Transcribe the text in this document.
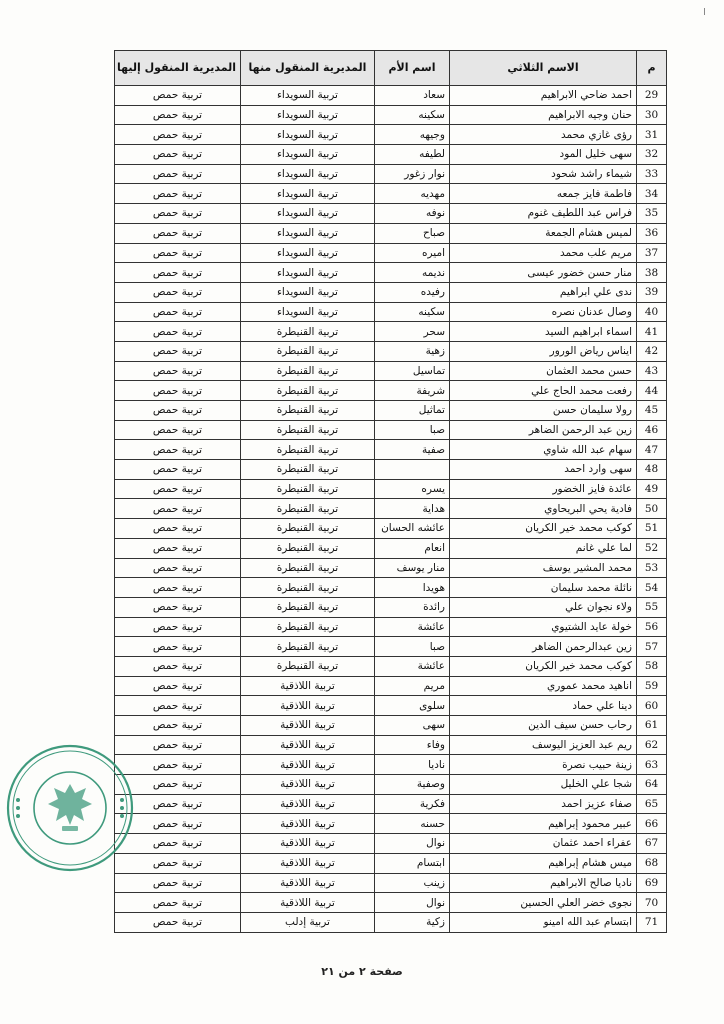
م	الاسم الثلاثي	اسم الأم	المديرية المنقول منها	المديرية المنقول إليها
29	احمد ضاحي الابراهيم	سعاد	تربية السويداء	تربية حمص
30	حنان وجيه الابراهيم	سكينه	تربية السويداء	تربية حمص
31	رؤى غازي محمد	وجيهه	تربية السويداء	تربية حمص
32	سهى خليل المود	لطيفه	تربية السويداء	تربية حمص
33	شيماء راشد شحود	نوار زغور	تربية السويداء	تربية حمص
34	فاطمة فايز جمعه	مهديه	تربية السويداء	تربية حمص
35	فراس عبد اللطيف غنوم	نوفه	تربية السويداء	تربية حمص
36	لميس هشام الجمعة	صباح	تربية السويداء	تربية حمص
37	مريم علب محمد	اميره	تربية السويداء	تربية حمص
38	منار حسن خضور عيسى	نديمه	تربية السويداء	تربية حمص
39	ندى علي ابراهيم	رفيده	تربية السويداء	تربية حمص
40	وصال عدنان نصره	سكينه	تربية السويداء	تربية حمص
41	اسماء ابراهيم السيد	سحر	تربية القنيطرة	تربية حمص
42	ايناس رياض الورور	زهية	تربية القنيطرة	تربية حمص
43	حسن محمد العثمان	تماسيل	تربية القنيطرة	تربية حمص
44	رفعت محمد الحاج علي	شريفة	تربية القنيطرة	تربية حمص
45	رولا سليمان حسن	تماثيل	تربية القنيطرة	تربية حمص
46	زين عبد الرحمن الضاهر	صبا	تربية القنيطرة	تربية حمص
47	سهام عبد الله شاوي	صفية	تربية القنيطرة	تربية حمص
48	سهى وارد احمد		تربية القنيطرة	تربية حمص
49	عائدة فايز الخضور	يسره	تربية القنيطرة	تربية حمص
50	فادية يحي البريحاوي	هداية	تربية القنيطرة	تربية حمص
51	كوكب محمد خير الكريان	عائشه الحسان	تربية القنيطرة	تربية حمص
52	لما علي غانم	انعام	تربية القنيطرة	تربية حمص
53	محمد المشير يوسف	منار يوسف	تربية القنيطرة	تربية حمص
54	نائلة محمد سليمان	هويدا	تربية القنيطرة	تربية حمص
55	ولاء نجوان علي	رائدة	تربية القنيطرة	تربية حمص
56	خولة عايد الشتيوي	عائشة	تربية القنيطرة	تربية حمص
57	زين عبدالرحمن الضاهر	صبا	تربية القنيطرة	تربية حمص
58	كوكب محمد خير الكريان	عائشة	تربية القنيطرة	تربية حمص
59	اناهيد محمد عموري	مريم	تربية اللاذقية	تربية حمص
60	دينا علي حماد	سلوى	تربية اللاذقية	تربية حمص
61	رحاب حسن سيف الدين	سهى	تربية اللاذقية	تربية حمص
62	ريم عبد العزيز اليوسف	وفاء	تربية اللاذقية	تربية حمص
63	زينة حبيب نصرة	ناديا	تربية اللاذقية	تربية حمص
64	شجا علي الخليل	وصفية	تربية اللاذقية	تربية حمص
65	صفاء عزيز احمد	فكرية	تربية اللاذقية	تربية حمص
66	عبير محمود إبراهيم	حسنه	تربية اللاذقية	تربية حمص
67	عفراء احمد عثمان	نوال	تربية اللاذقية	تربية حمص
68	ميس هشام إبراهيم	ابتسام	تربية اللاذقية	تربية حمص
69	ناديا صالح الابراهيم	زينب	تربية اللاذقية	تربية حمص
70	نجوى خضر العلي الحسين	نوال	تربية اللاذقية	تربية حمص
71	ابتسام عبد الله امينو	زكية	تربية إدلب	تربية حمص
صفحة ٢ من ٢١
